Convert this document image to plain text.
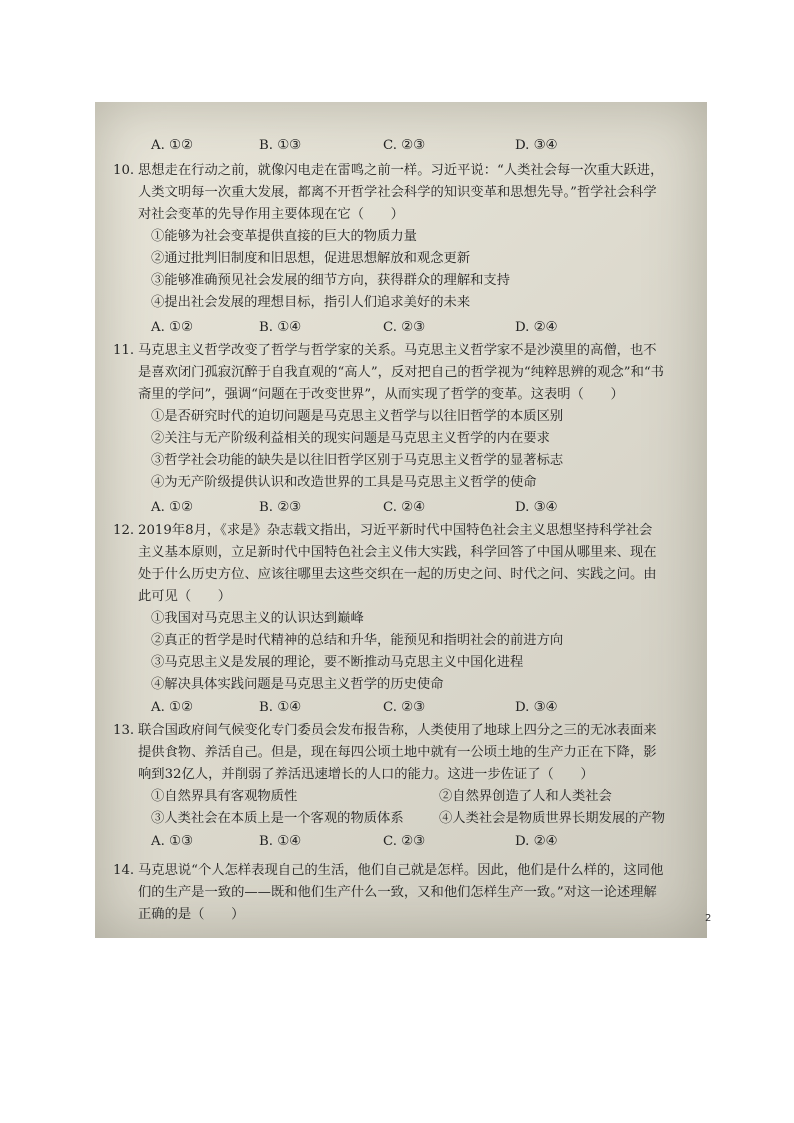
A. ①②	B. ①③	C. ②③	D. ③④
10. 思想走在行动之前，就像闪电走在雷鸣之前一样。习近平说：“人类社会每一次重大跃进，
人类文明每一次重大发展，都离不开哲学社会科学的知识变革和思想先导。”哲学社会科学
对社会变革的先导作用主要体现在它（　　）
①能够为社会变革提供直接的巨大的物质力量
②通过批判旧制度和旧思想，促进思想解放和观念更新
③能够准确预见社会发展的细节方向，获得群众的理解和支持
④提出社会发展的理想目标，指引人们追求美好的未来
A. ①②	B. ①④	C. ②③	D. ②④
11. 马克思主义哲学改变了哲学与哲学家的关系。马克思主义哲学家不是沙漠里的高僧，也不
是喜欢闭门孤寂沉醉于自我直观的“高人”，反对把自己的哲学视为“纯粹思辨的观念”和“书
斋里的学问”，强调“问题在于改变世界”，从而实现了哲学的变革。这表明（　　）
①是否研究时代的迫切问题是马克思主义哲学与以往旧哲学的本质区别
②关注与无产阶级利益相关的现实问题是马克思主义哲学的内在要求
③哲学社会功能的缺失是以往旧哲学区别于马克思主义哲学的显著标志
④为无产阶级提供认识和改造世界的工具是马克思主义哲学的使命
A. ①②	B. ②③	C. ②④	D. ③④
12. 2019年8月，《求是》杂志载文指出，习近平新时代中国特色社会主义思想坚持科学社会
主义基本原则，立足新时代中国特色社会主义伟大实践，科学回答了中国从哪里来、现在
处于什么历史方位、应该往哪里去这些交织在一起的历史之问、时代之问、实践之问。由
此可见（　　）
①我国对马克思主义的认识达到巅峰
②真正的哲学是时代精神的总结和升华，能预见和指明社会的前进方向
③马克思主义是发展的理论，要不断推动马克思主义中国化进程
④解决具体实践问题是马克思主义哲学的历史使命
A. ①②	B. ①④	C. ②③	D. ③④
13. 联合国政府间气候变化专门委员会发布报告称，人类使用了地球上四分之三的无冰表面来
提供食物、养活自己。但是，现在每四公顷土地中就有一公顷土地的生产力正在下降，影
响到32亿人，并削弱了养活迅速增长的人口的能力。这进一步佐证了（　　）
①自然界具有客观物质性	②自然界创造了人和人类社会
③人类社会在本质上是一个客观的物质体系	④人类社会是物质世界长期发展的产物
A. ①③	B. ①④	C. ②③	D. ②④
14. 马克思说“个人怎样表现自己的生活，他们自己就是怎样。因此，他们是什么样的，这同他
们的生产是一致的——既和他们生产什么一致，又和他们怎样生产一致。”对这一论述理解
正确的是（　　）	2
